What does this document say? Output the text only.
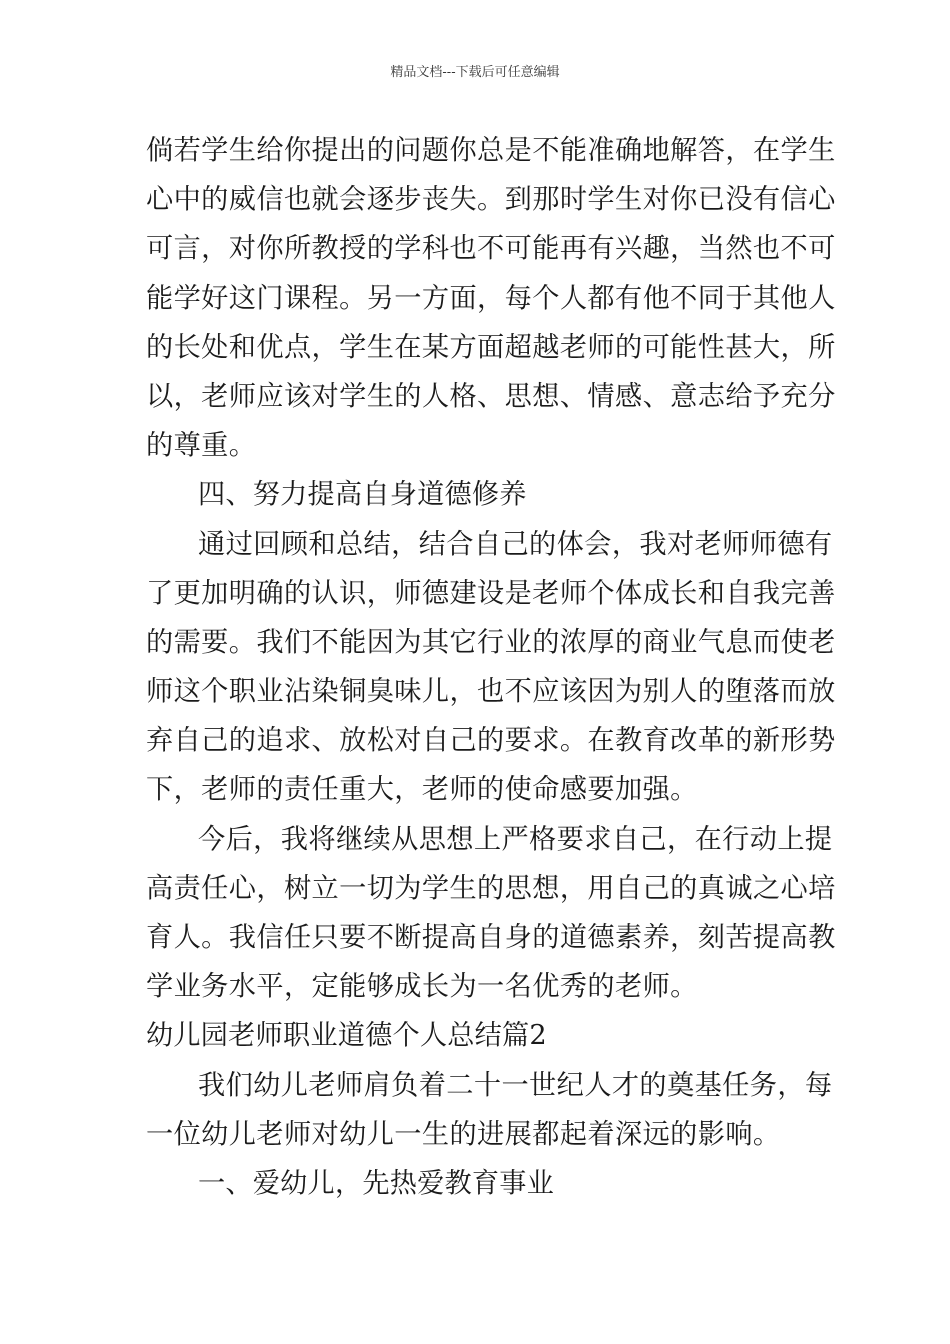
精品文档---下载后可任意编辑
倘若学生给你提出的问题你总是不能准确地解答，在学生
心中的威信也就会逐步丧失。到那时学生对你已没有信心
可言，对你所教授的学科也不可能再有兴趣，当然也不可
能学好这门课程。另一方面，每个人都有他不同于其他人
的长处和优点，学生在某方面超越老师的可能性甚大，所
以，老师应该对学生的人格、思想、情感、意志给予充分
的尊重。
四、努力提高自身道德修养
通过回顾和总结，结合自己的体会，我对老师师德有
了更加明确的认识，师德建设是老师个体成长和自我完善
的需要。我们不能因为其它行业的浓厚的商业气息而使老
师这个职业沾染铜臭味儿，也不应该因为别人的堕落而放
弃自己的追求、放松对自己的要求。在教育改革的新形势
下，老师的责任重大，老师的使命感要加强。
今后，我将继续从思想上严格要求自己，在行动上提
高责任心，树立一切为学生的思想，用自己的真诚之心培
育人。我信任只要不断提高自身的道德素养，刻苦提高教
学业务水平，定能够成长为一名优秀的老师。
幼儿园老师职业道德个人总结篇2
我们幼儿老师肩负着二十一世纪人才的奠基任务，每
一位幼儿老师对幼儿一生的进展都起着深远的影响。
一、爱幼儿，先热爱教育事业
